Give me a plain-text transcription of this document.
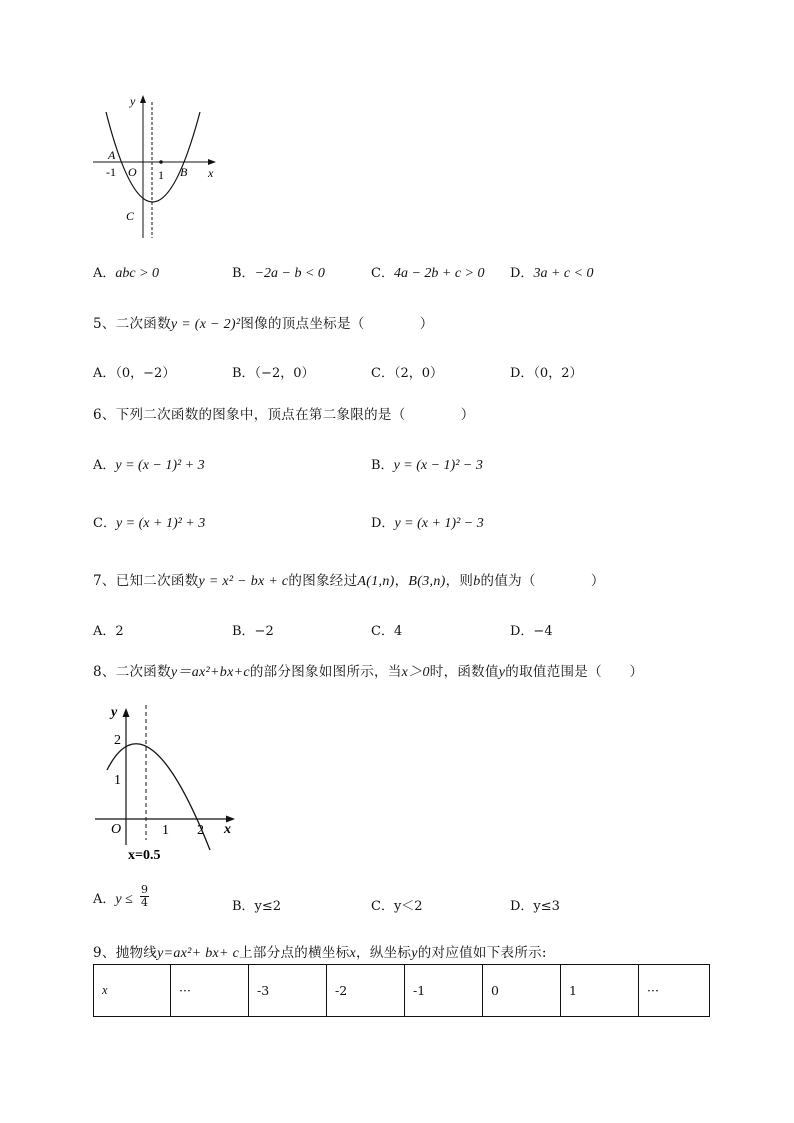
y
x
A
-1 O 1 B
C
A．abc > 0	B．−2a − b < 0	C．4a − 2b + c > 0 D．3a + c < 0
5、二次函数y = (x − 2)²图像的顶点坐标是（　　　　）
A．（0，−2）	B．（−2，0）	C．（2，0）	D．（0，2）
6、下列二次函数的图象中，顶点在第二象限的是（　　　　）
A．y = (x − 1)² + 3	B．y = (x − 1)² − 3
C．y = (x + 1)² + 3	D．y = (x + 1)² − 3
7、已知二次函数y = x² − bx + c的图象经过A(1,n)，B(3,n)，则b的值为（　　　　）
A．2	B．−2	C．4	D．−4
8、二次函数y＝ax²+bx+c的部分图象如图所示，当x＞0时，函数值y的取值范围是（　　）
y
2
1
O	1 2 x
x=0.5
A．$y \le \frac{9}{4}$	B．y≤2	C．y＜2	D．y≤3
9、抛物线y=ax²+ bx+ c上部分点的横坐标x，纵坐标y的对应值如下表所示:
x	···	-3	-2	-1	0	1	···
